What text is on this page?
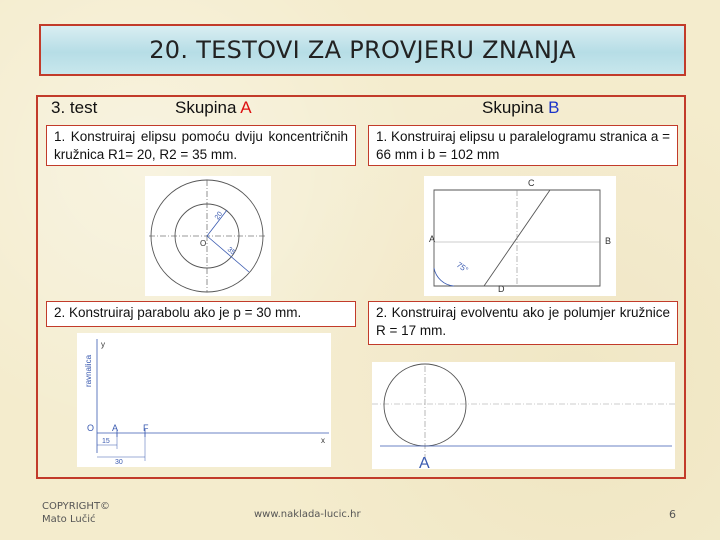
20. TESTOVI ZA PROVJERU ZNANJA
3. test	Skupina A	Skupina B
1. Konstruiraj elipsu pomoću dviju koncentričnih kružnica R1= 20, R2 = 35 mm.
1. Konstruiraj elipsu u paralelogramu stranica a = 66 mm i b = 102 mm
O
20
35
C
A	B
D
75°
2. Konstruiraj parabolu ako je p = 30 mm.	2. Konstruiraj evolventu ako je polumjer kružnice R = 17 mm.
ravnalica
y
x
O A	F
15
30	A
COPYRIGHT©
Mato Lučić	www.naklada-lucic.hr	6
